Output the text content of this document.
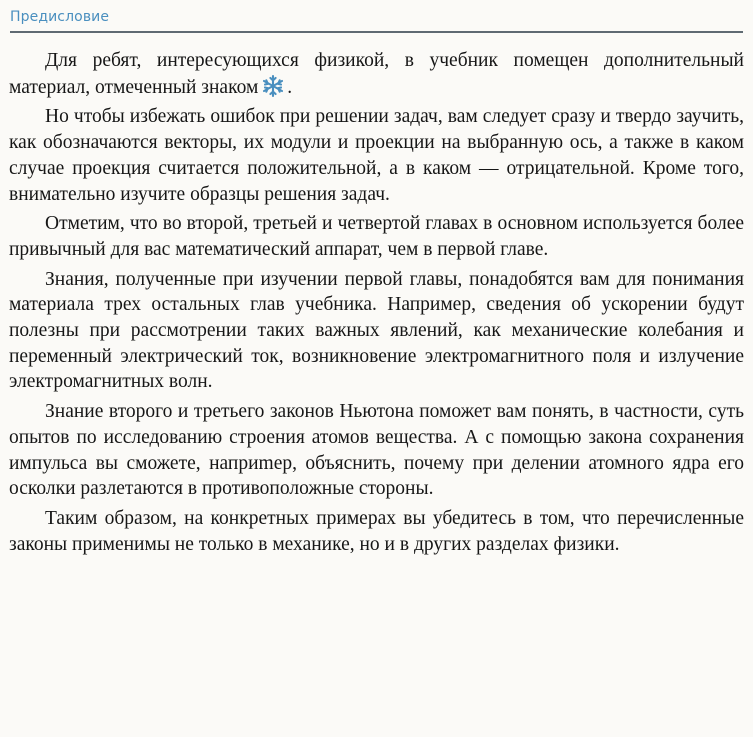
Предисловие

Для ребят, интересующихся физикой, в учебник помещен дополнительный материал, отмеченный знаком .

Но чтобы избежать ошибок при решении задач, вам следует сразу и твердо заучить, как обозначаются векторы, их модули и проекции на выбранную ось, а также в каком случае проекция считается положительной, а в каком — отрицательной. Кроме того, внимательно изучите образцы решения задач.

Отметим, что во второй, третьей и четвертой главах в основном используется более привычный для вас математический аппарат, чем в первой главе.

Знания, полученные при изучении первой главы, понадобятся вам для понимания материала трех остальных глав учебника. Например, сведения об ускорении будут полезны при рассмотрении таких важных явлений, как механические колебания и переменный электрический ток, возникновение электромагнитного поля и излучение электромагнитных волн.

Знание второго и третьего законов Ньютона поможет вам понять, в частности, суть опытов по исследованию строения атомов вещества. А с помощью закона сохранения импульса вы сможете, наприmер, объяснить, почему при делении атомного ядра его осколки разлетаются в противоположные стороны.

Таким образом, на конкретных примерах вы убедитесь в том, что перечисленные законы применимы не только в механике, но и в других разделах физики.
